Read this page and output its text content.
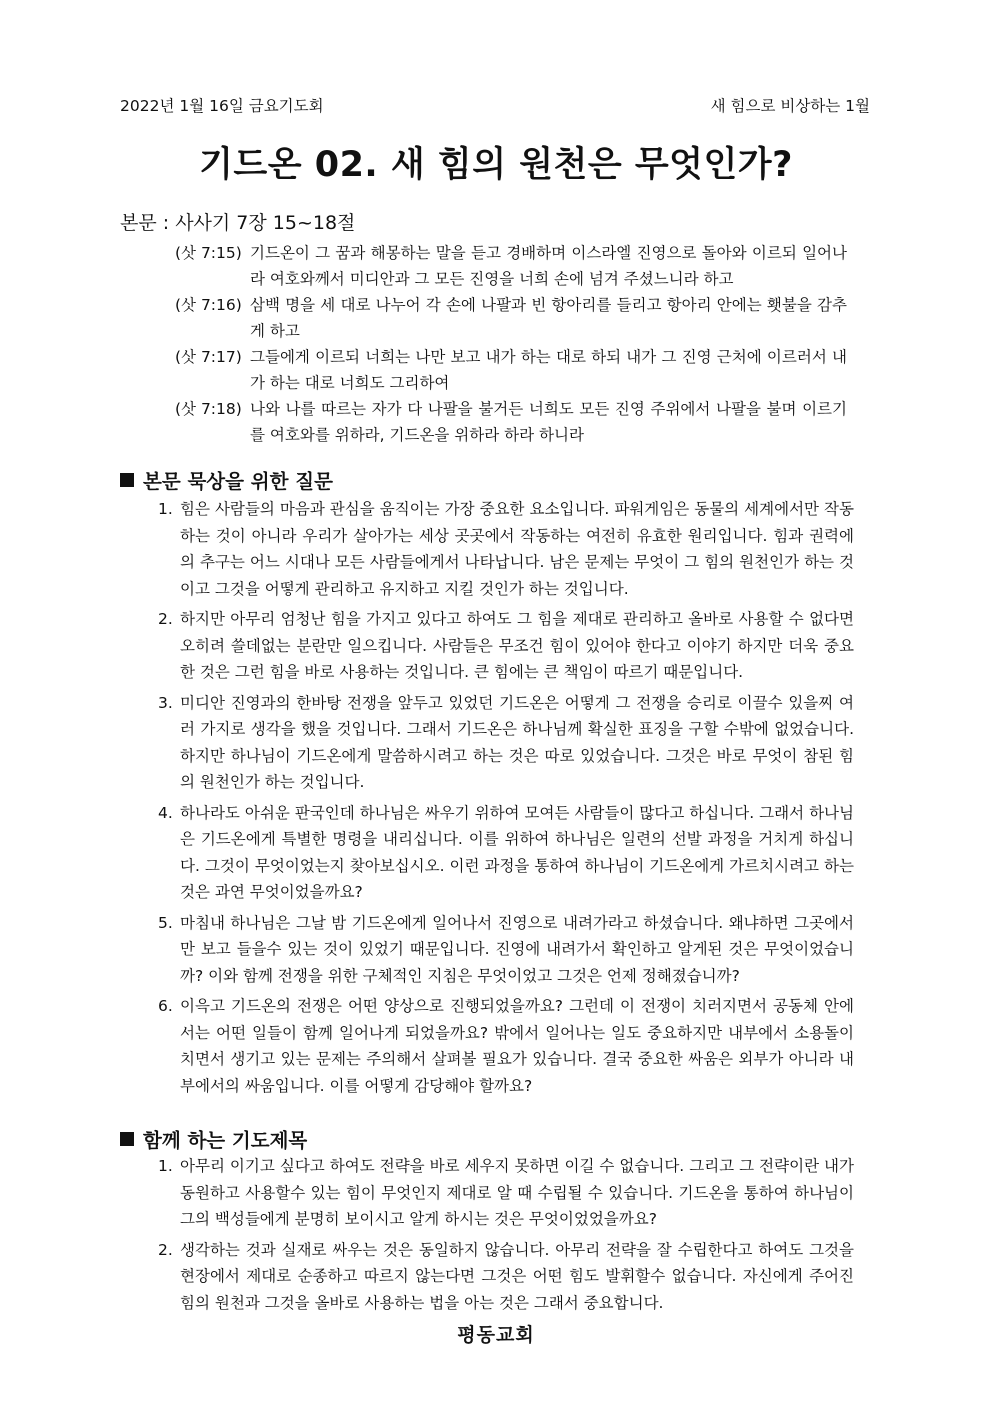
2022년 1월 16일 금요기도회	새 힘으로 비상하는 1월
기드온 02. 새 힘의 원천은 무엇인가?
본문 : 사사기 7장 15~18절
(삿 7:15) 기드온이 그 꿈과 해몽하는 말을 듣고 경배하며 이스라엘 진영으로 돌아와 이르되 일어나라 여호와께서 미디안과 그 모든 진영을 너희 손에 넘겨 주셨느니라 하고
(삿 7:16) 삼백 명을 세 대로 나누어 각 손에 나팔과 빈 항아리를 들리고 항아리 안에는 횃불을 감추게 하고
(삿 7:17) 그들에게 이르되 너희는 나만 보고 내가 하는 대로 하되 내가 그 진영 근처에 이르러서 내가 하는 대로 너희도 그리하여
(삿 7:18) 나와 나를 따르는 자가 다 나팔을 불거든 너희도 모든 진영 주위에서 나팔을 불며 이르기를 여호와를 위하라, 기드온을 위하라 하라 하니라
본문 묵상을 위한 질문
1. 힘은 사람들의 마음과 관심을 움직이는 가장 중요한 요소입니다. 파워게임은 동물의 세계에서만 작동하는 것이 아니라 우리가 살아가는 세상 곳곳에서 작동하는 여전히 유효한 원리입니다. 힘과 권력에의 추구는 어느 시대나 모든 사람들에게서 나타납니다. 남은 문제는 무엇이 그 힘의 원천인가 하는 것이고 그것을 어떻게 관리하고 유지하고 지킬 것인가 하는 것입니다.
2. 하지만 아무리 엄청난 힘을 가지고 있다고 하여도 그 힘을 제대로 관리하고 올바로 사용할 수 없다면 오히려 쓸데없는 분란만 일으킵니다. 사람들은 무조건 힘이 있어야 한다고 이야기 하지만 더욱 중요한 것은 그런 힘을 바로 사용하는 것입니다. 큰 힘에는 큰 책임이 따르기 때문입니다.
3. 미디안 진영과의 한바탕 전쟁을 앞두고 있었던 기드온은 어떻게 그 전쟁을 승리로 이끌수 있을찌 여러 가지로 생각을 했을 것입니다. 그래서 기드온은 하나님께 확실한 표징을 구할 수밖에 없었습니다. 하지만 하나님이 기드온에게 말씀하시려고 하는 것은 따로 있었습니다. 그것은 바로 무엇이 참된 힘의 원천인가 하는 것입니다.
4. 하나라도 아쉬운 판국인데 하나님은 싸우기 위하여 모여든 사람들이 많다고 하십니다. 그래서 하나님은 기드온에게 특별한 명령을 내리십니다. 이를 위하여 하나님은 일련의 선발 과정을 거치게 하십니다. 그것이 무엇이었는지 찾아보십시오. 이런 과정을 통하여 하나님이 기드온에게 가르치시려고 하는 것은 과연 무엇이었을까요?
5. 마침내 하나님은 그날 밤 기드온에게 일어나서 진영으로 내려가라고 하셨습니다. 왜냐하면 그곳에서만 보고 들을수 있는 것이 있었기 때문입니다. 진영에 내려가서 확인하고 알게된 것은 무엇이었습니까? 이와 함께 전쟁을 위한 구체적인 지침은 무엇이었고 그것은 언제 정해졌습니까?
6. 이윽고 기드온의 전쟁은 어떤 양상으로 진행되었을까요? 그런데 이 전쟁이 치러지면서 공동체 안에서는 어떤 일들이 함께 일어나게 되었을까요? 밖에서 일어나는 일도 중요하지만 내부에서 소용돌이 치면서 생기고 있는 문제는 주의해서 살펴볼 필요가 있습니다. 결국 중요한 싸움은 외부가 아니라 내부에서의 싸움입니다. 이를 어떻게 감당해야 할까요?
함께 하는 기도제목
1. 아무리 이기고 싶다고 하여도 전략을 바로 세우지 못하면 이길 수 없습니다. 그리고 그 전략이란 내가 동원하고 사용할수 있는 힘이 무엇인지 제대로 알 때 수립될 수 있습니다. 기드온을 통하여 하나님이 그의 백성들에게 분명히 보이시고 알게 하시는 것은 무엇이었었을까요?
2. 생각하는 것과 실재로 싸우는 것은 동일하지 않습니다. 아무리 전략을 잘 수립한다고 하여도 그것을 현장에서 제대로 순종하고 따르지 않는다면 그것은 어떤 힘도 발휘할수 없습니다. 자신에게 주어진 힘의 원천과 그것을 올바로 사용하는 법을 아는 것은 그래서 중요합니다.
평동교회
